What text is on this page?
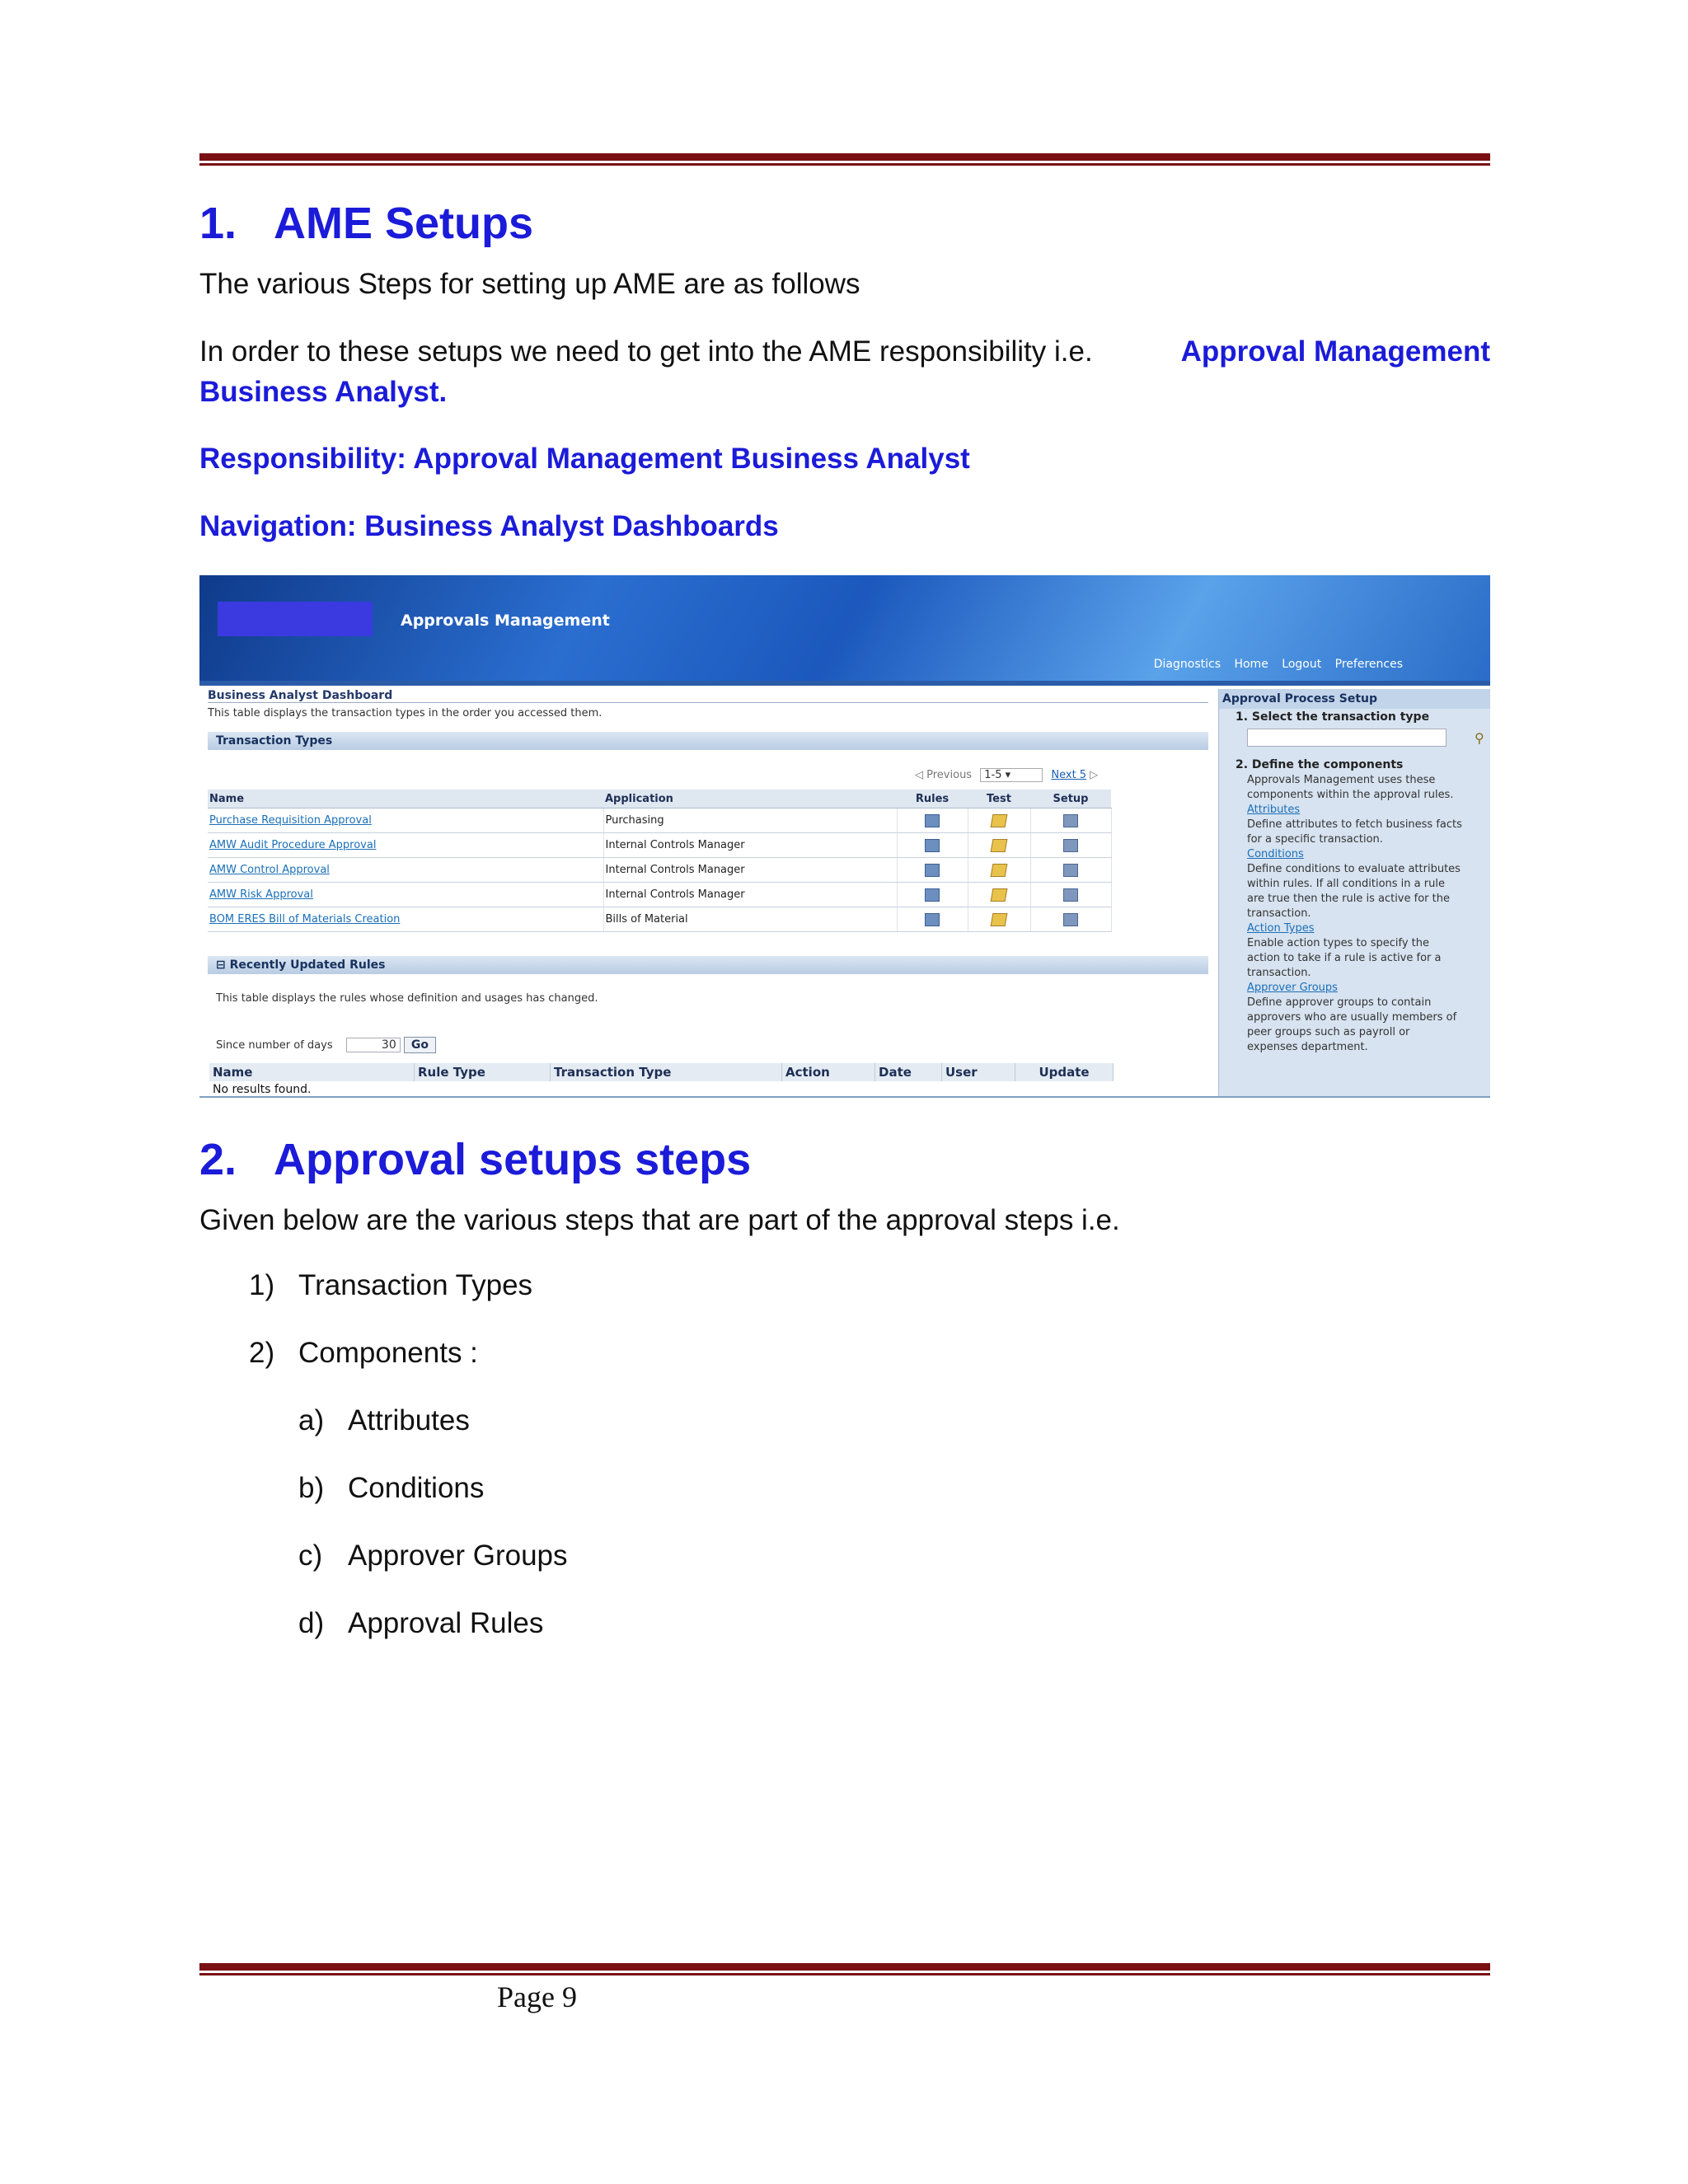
1. AME Setups

The various Steps for setting up AME are as follows

In order to these setups we need to get into the AME responsibility i.e.	Approval Management

Business Analyst.

Responsibility: Approval Management Business Analyst

Navigation: Business Analyst Dashboards

Approvals Management
Diagnostics Home Logout Preferences
Business Analyst Dashboard
This table displays the transaction types in the order you accessed them.
Transaction Types
◁ Previous 1-5 ▾	Next 5 ▷
Name	Application	Rules	Test	Setup
Purchase Requisition Approval	Purchasing			
AMW Audit Procedure Approval	Internal Controls Manager			
AMW Control Approval	Internal Controls Manager			
AMW Risk Approval	Internal Controls Manager			
BOM ERES Bill of Materials Creation	Bills of Material			
⊟ Recently Updated Rules
This table displays the rules whose definition and usages has changed.
Since number of days	30 Go
Name	Rule Type	Transaction Type	Action	Date	User	Update
No results found.
Approval Process Setup
1. Select the transaction type
⚲
2. Define the components
Approvals Management uses these components within the approval rules.
Attributes
Define attributes to fetch business facts for a specific transaction.
Conditions
Define conditions to evaluate attributes within rules. If all conditions in a rule are true then the rule is active for the transaction.
Action Types
Enable action types to specify the action to take if a rule is active for a transaction.
Approver Groups
Define approver groups to contain approvers who are usually members of peer groups such as payroll or expenses department.
2. Approval setups steps

Given below are the various steps that are part of the approval steps i.e.

1) Transaction Types
2) Components :
a) Attributes
b) Conditions
c) Approver Groups
d) Approval Rules
Page 9
